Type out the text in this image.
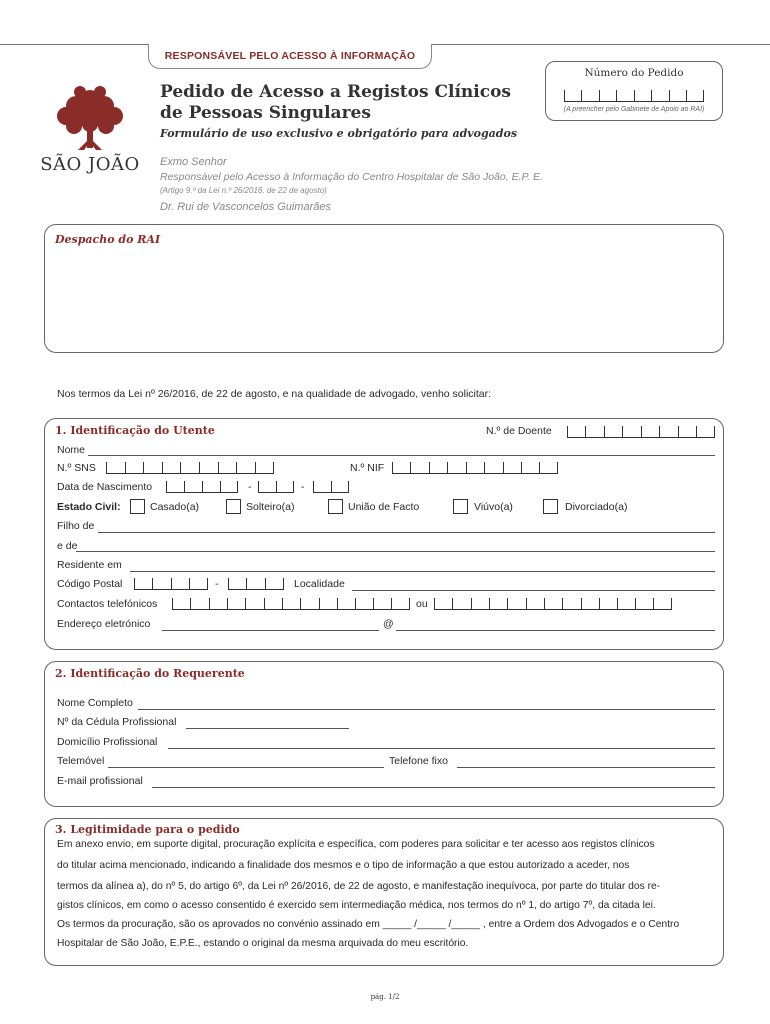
RESPONSÁVEL PELO ACESSO À INFORMAÇÃO
SÃO JOÃO
Pedido de Acesso a Registos Clínicos
de Pessoas Singulares
Formulário de uso exclusivo e obrigatório para advogados
Exmo Senhor
Responsável pelo Acesso à Informação do Centro Hospitalar de São João, E.P. E.
(Artigo 9.º da Lei n.º 26/2016, de 22 de agosto)
Dr. Rui de Vasconcelos Guimarães
Número do Pedido
(A preencher pelo Gabinete de Apoio ao RAI)
Despacho do RAI
Nos termos da Lei nº 26/2016, de 22 de agosto, e na qualidade de advogado, venho solicitar:
1. Identificação do Utente	N.º de Doente
Nome
N.º SNS	N.º NIF
Data de Nascimento	-	-
Estado Civil:	Casado(a)	Solteiro(a)	União de Facto	Viúvo(a)	Divorciado(a)
Filho de
e de
Residente em
Código Postal	-	Localidade
Contactos telefónicos	ou
Endereço eletrónico	@
2. Identificação do Requerente
Nome Completo
Nº da Cédula Profissional
Domicílio Profissional
Telemóvel	Telefone fixo
E-mail profissional
3. Legitimidade para o pedido
Em anexo envio, em suporte digital, procuração explícita e específica, com poderes para solicitar e ter acesso aos registos clínicos
do titular acima mencionado, indicando a finalidade dos mesmos e o tipo de informação a que estou autorizado a aceder, nos
termos da alínea a), do nº 5, do artigo 6º, da Lei nº 26/2016, de 22 de agosto, e manifestação inequívoca, por parte do titular dos re-
gistos clínicos, em como o acesso consentido é exercido sem intermediação médica, nos termos do nº 1, do artigo 7º, da citada lei.
Os termos da procuração, são os aprovados no convénio assinado em _____ /_____ /_____ , entre a Ordem dos Advogados e o Centro
Hospitalar de São João, E.P.E., estando o original da mesma arquivada do meu escritório.
pág. 1/2
